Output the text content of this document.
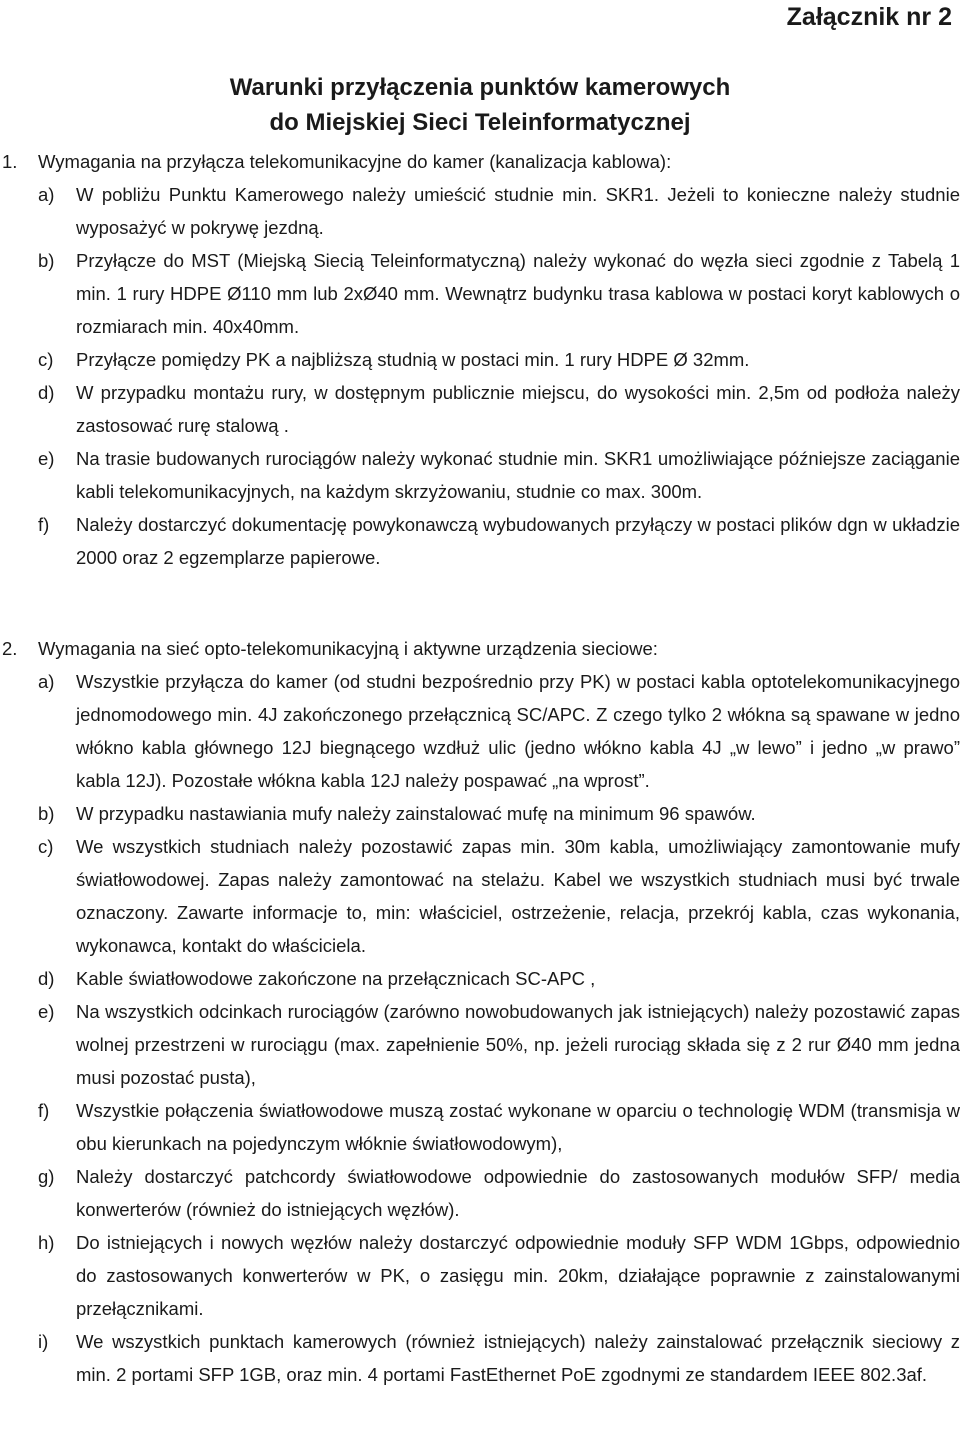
Załącznik nr 2
Warunki przyłączenia punktów kamerowych
do Miejskiej Sieci Teleinformatycznej
1.	Wymagania na przyłącza telekomunikacyjne do kamer (kanalizacja kablowa):
a)	W pobliżu Punktu Kamerowego należy umieścić studnie min. SKR1. Jeżeli to konieczne należy studnie wyposażyć w pokrywę jezdną.
b)	Przyłącze do MST (Miejską Siecią Teleinformatyczną) należy wykonać do węzła sieci zgodnie z Tabelą 1 min. 1 rury HDPE Ø110 mm lub 2xØ40 mm. Wewnątrz budynku trasa kablowa w postaci koryt kablowych o rozmiarach min. 40x40mm.
c)	Przyłącze pomiędzy PK a najbliższą studnią w postaci min. 1 rury HDPE Ø 32mm.
d)	W przypadku montażu rury, w dostępnym publicznie miejscu, do wysokości min. 2,5m od podłoża należy zastosować rurę stalową .
e)	Na trasie budowanych rurociągów należy wykonać studnie min. SKR1 umożliwiające późniejsze zaciąganie kabli telekomunikacyjnych, na każdym skrzyżowaniu, studnie co max. 300m.
f)	Należy dostarczyć dokumentację powykonawczą wybudowanych przyłączy w postaci plików dgn w układzie 2000 oraz 2 egzemplarze papierowe.
2.	Wymagania na sieć opto-telekomunikacyjną i aktywne urządzenia sieciowe:
a)	Wszystkie przyłącza do kamer (od studni bezpośrednio przy PK) w postaci kabla optotelekomunikacyjnego jednomodowego min. 4J zakończonego przełącznicą SC/APC. Z czego tylko 2 włókna są spawane w jedno włókno kabla głównego 12J biegnącego wzdłuż ulic (jedno włókno kabla 4J „w lewo” i jedno „w prawo” kabla 12J). Pozostałe włókna kabla 12J należy pospawać „na wprost”.
b)	W przypadku nastawiania mufy należy zainstalować mufę na minimum 96 spawów.
c)	We wszystkich studniach należy pozostawić zapas min. 30m kabla, umożliwiający zamontowanie mufy światłowodowej. Zapas należy zamontować na stelażu. Kabel we wszystkich studniach musi być trwale oznaczony. Zawarte informacje to, min: właściciel, ostrzeżenie, relacja, przekrój kabla, czas wykonania, wykonawca, kontakt do właściciela.
d)	Kable światłowodowe zakończone na przełącznicach SC-APC ,
e)	Na wszystkich odcinkach rurociągów (zarówno nowobudowanych jak istniejących) należy pozostawić zapas wolnej przestrzeni w rurociągu (max. zapełnienie 50%, np. jeżeli rurociąg składa się z 2 rur Ø40 mm jedna musi pozostać pusta),
f)	Wszystkie połączenia światłowodowe muszą zostać wykonane w oparciu o technologię WDM (transmisja w obu kierunkach na pojedynczym włóknie światłowodowym),
g)	Należy dostarczyć patchcordy światłowodowe odpowiednie do zastosowanych modułów SFP/ media konwerterów (również do istniejących węzłów).
h)	Do istniejących i nowych węzłów należy dostarczyć odpowiednie moduły SFP WDM 1Gbps, odpowiednio do zastosowanych konwerterów w PK, o zasięgu min. 20km, działające poprawnie z zainstalowanymi przełącznikami.
i)	We wszystkich punktach kamerowych (również istniejących) należy zainstalować przełącznik sieciowy z min. 2 portami SFP 1GB, oraz min. 4 portami FastEthernet PoE zgodnymi ze standardem IEEE 802.3af.
